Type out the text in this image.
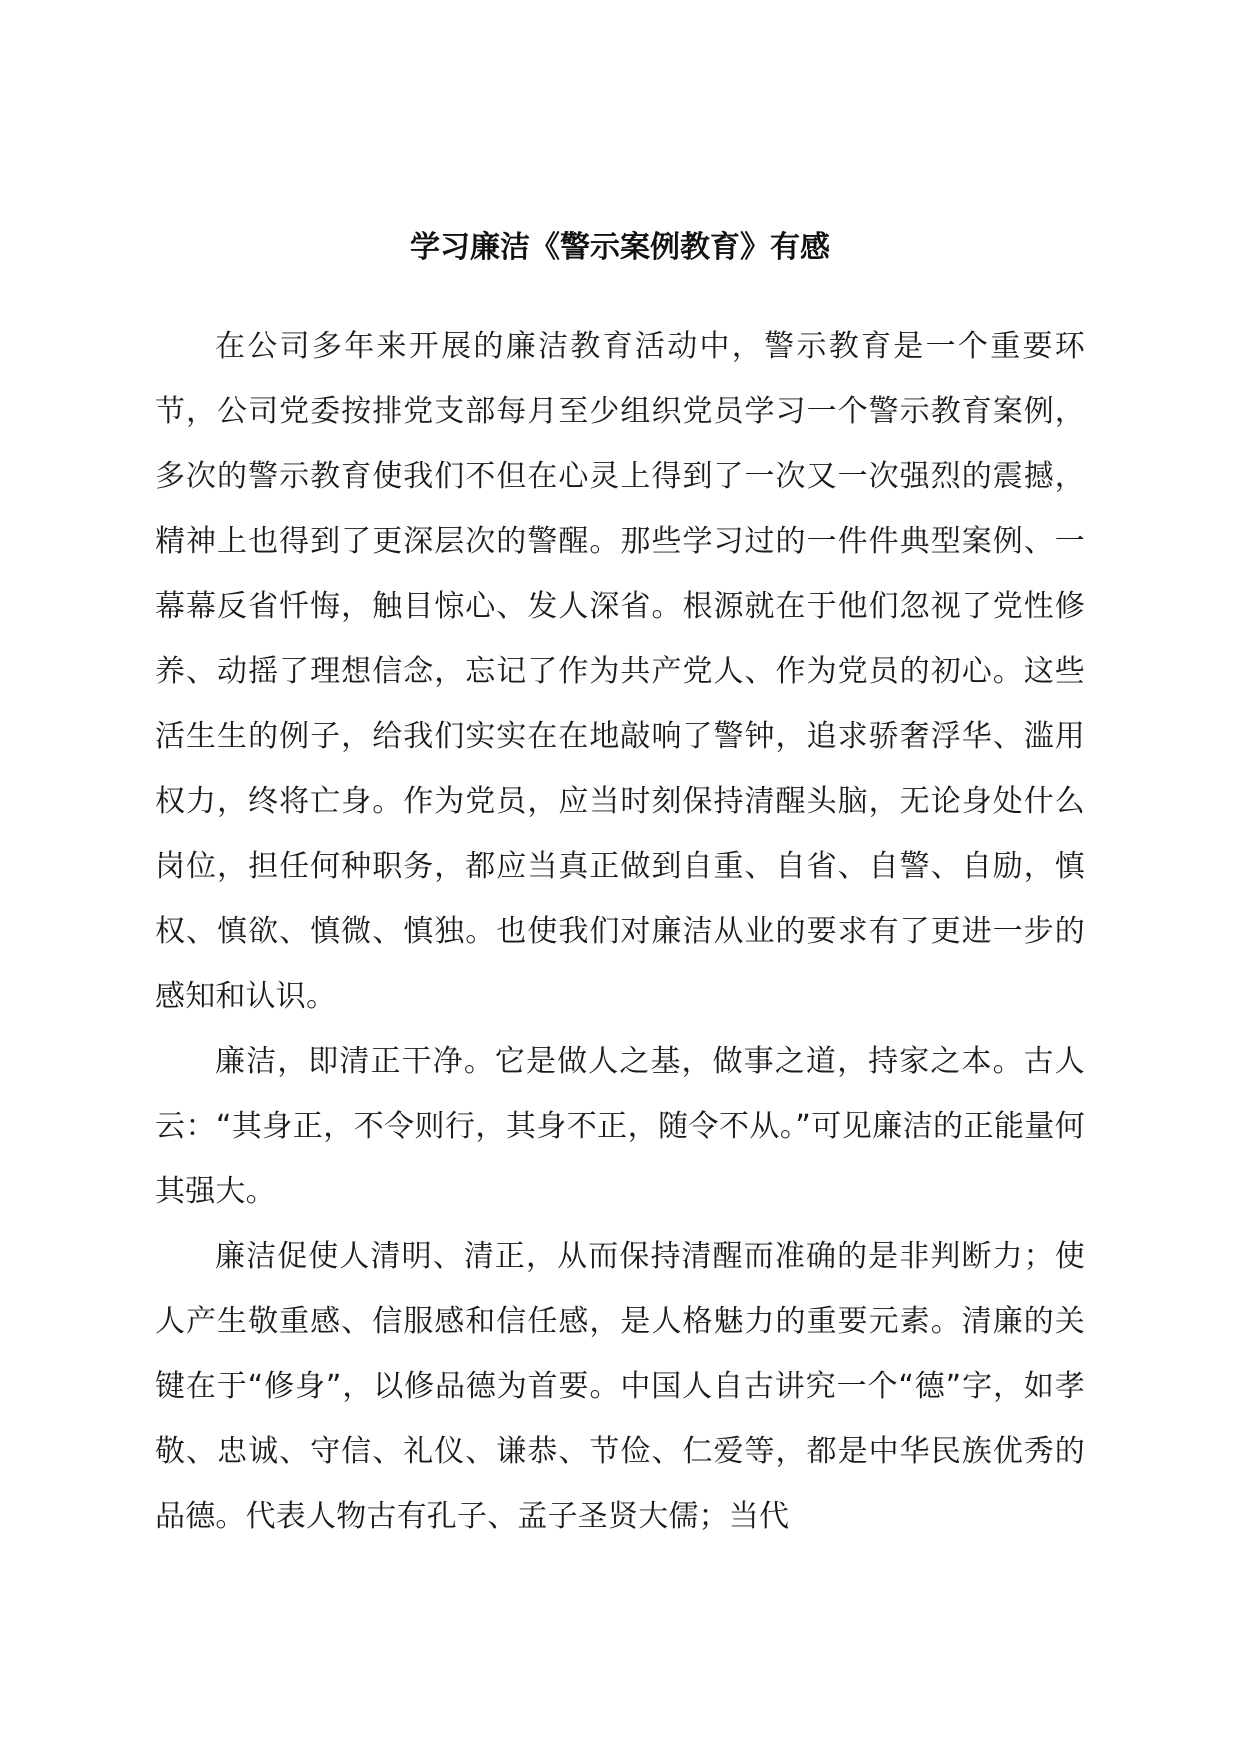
学习廉洁《警示案例教育》有感

在公司多年来开展的廉洁教育活动中，警示教育是一个重要环节，公司党委按排党支部每月至少组织党员学习一个警示教育案例，多次的警示教育使我们不但在心灵上得到了一次又一次强烈的震撼，精神上也得到了更深层次的警醒。那些学习过的一件件典型案例、一幕幕反省忏悔，触目惊心、发人深省。根源就在于他们忽视了党性修养、动摇了理想信念，忘记了作为共产党人、作为党员的初心。这些活生生的例子，给我们实实在在地敲响了警钟，追求骄奢浮华、滥用权力，终将亡身。作为党员，应当时刻保持清醒头脑，无论身处什么岗位，担任何种职务，都应当真正做到自重、自省、自警、自励，慎权、慎欲、慎微、慎独。也使我们对廉洁从业的要求有了更进一步的感知和认识。

廉洁，即清正干净。它是做人之基，做事之道，持家之本。古人云：“其身正，不令则行，其身不正，随令不从。”可见廉洁的正能量何其强大。

廉洁促使人清明、清正，从而保持清醒而准确的是非判断力；使人产生敬重感、信服感和信任感，是人格魅力的重要元素。清廉的关键在于“修身”，以修品德为首要。中国人自古讲究一个“德”字，如孝敬、忠诚、守信、礼仪、谦恭、节俭、仁爱等，都是中华民族优秀的品德。代表人物古有孔子、孟子圣贤大儒；当代
